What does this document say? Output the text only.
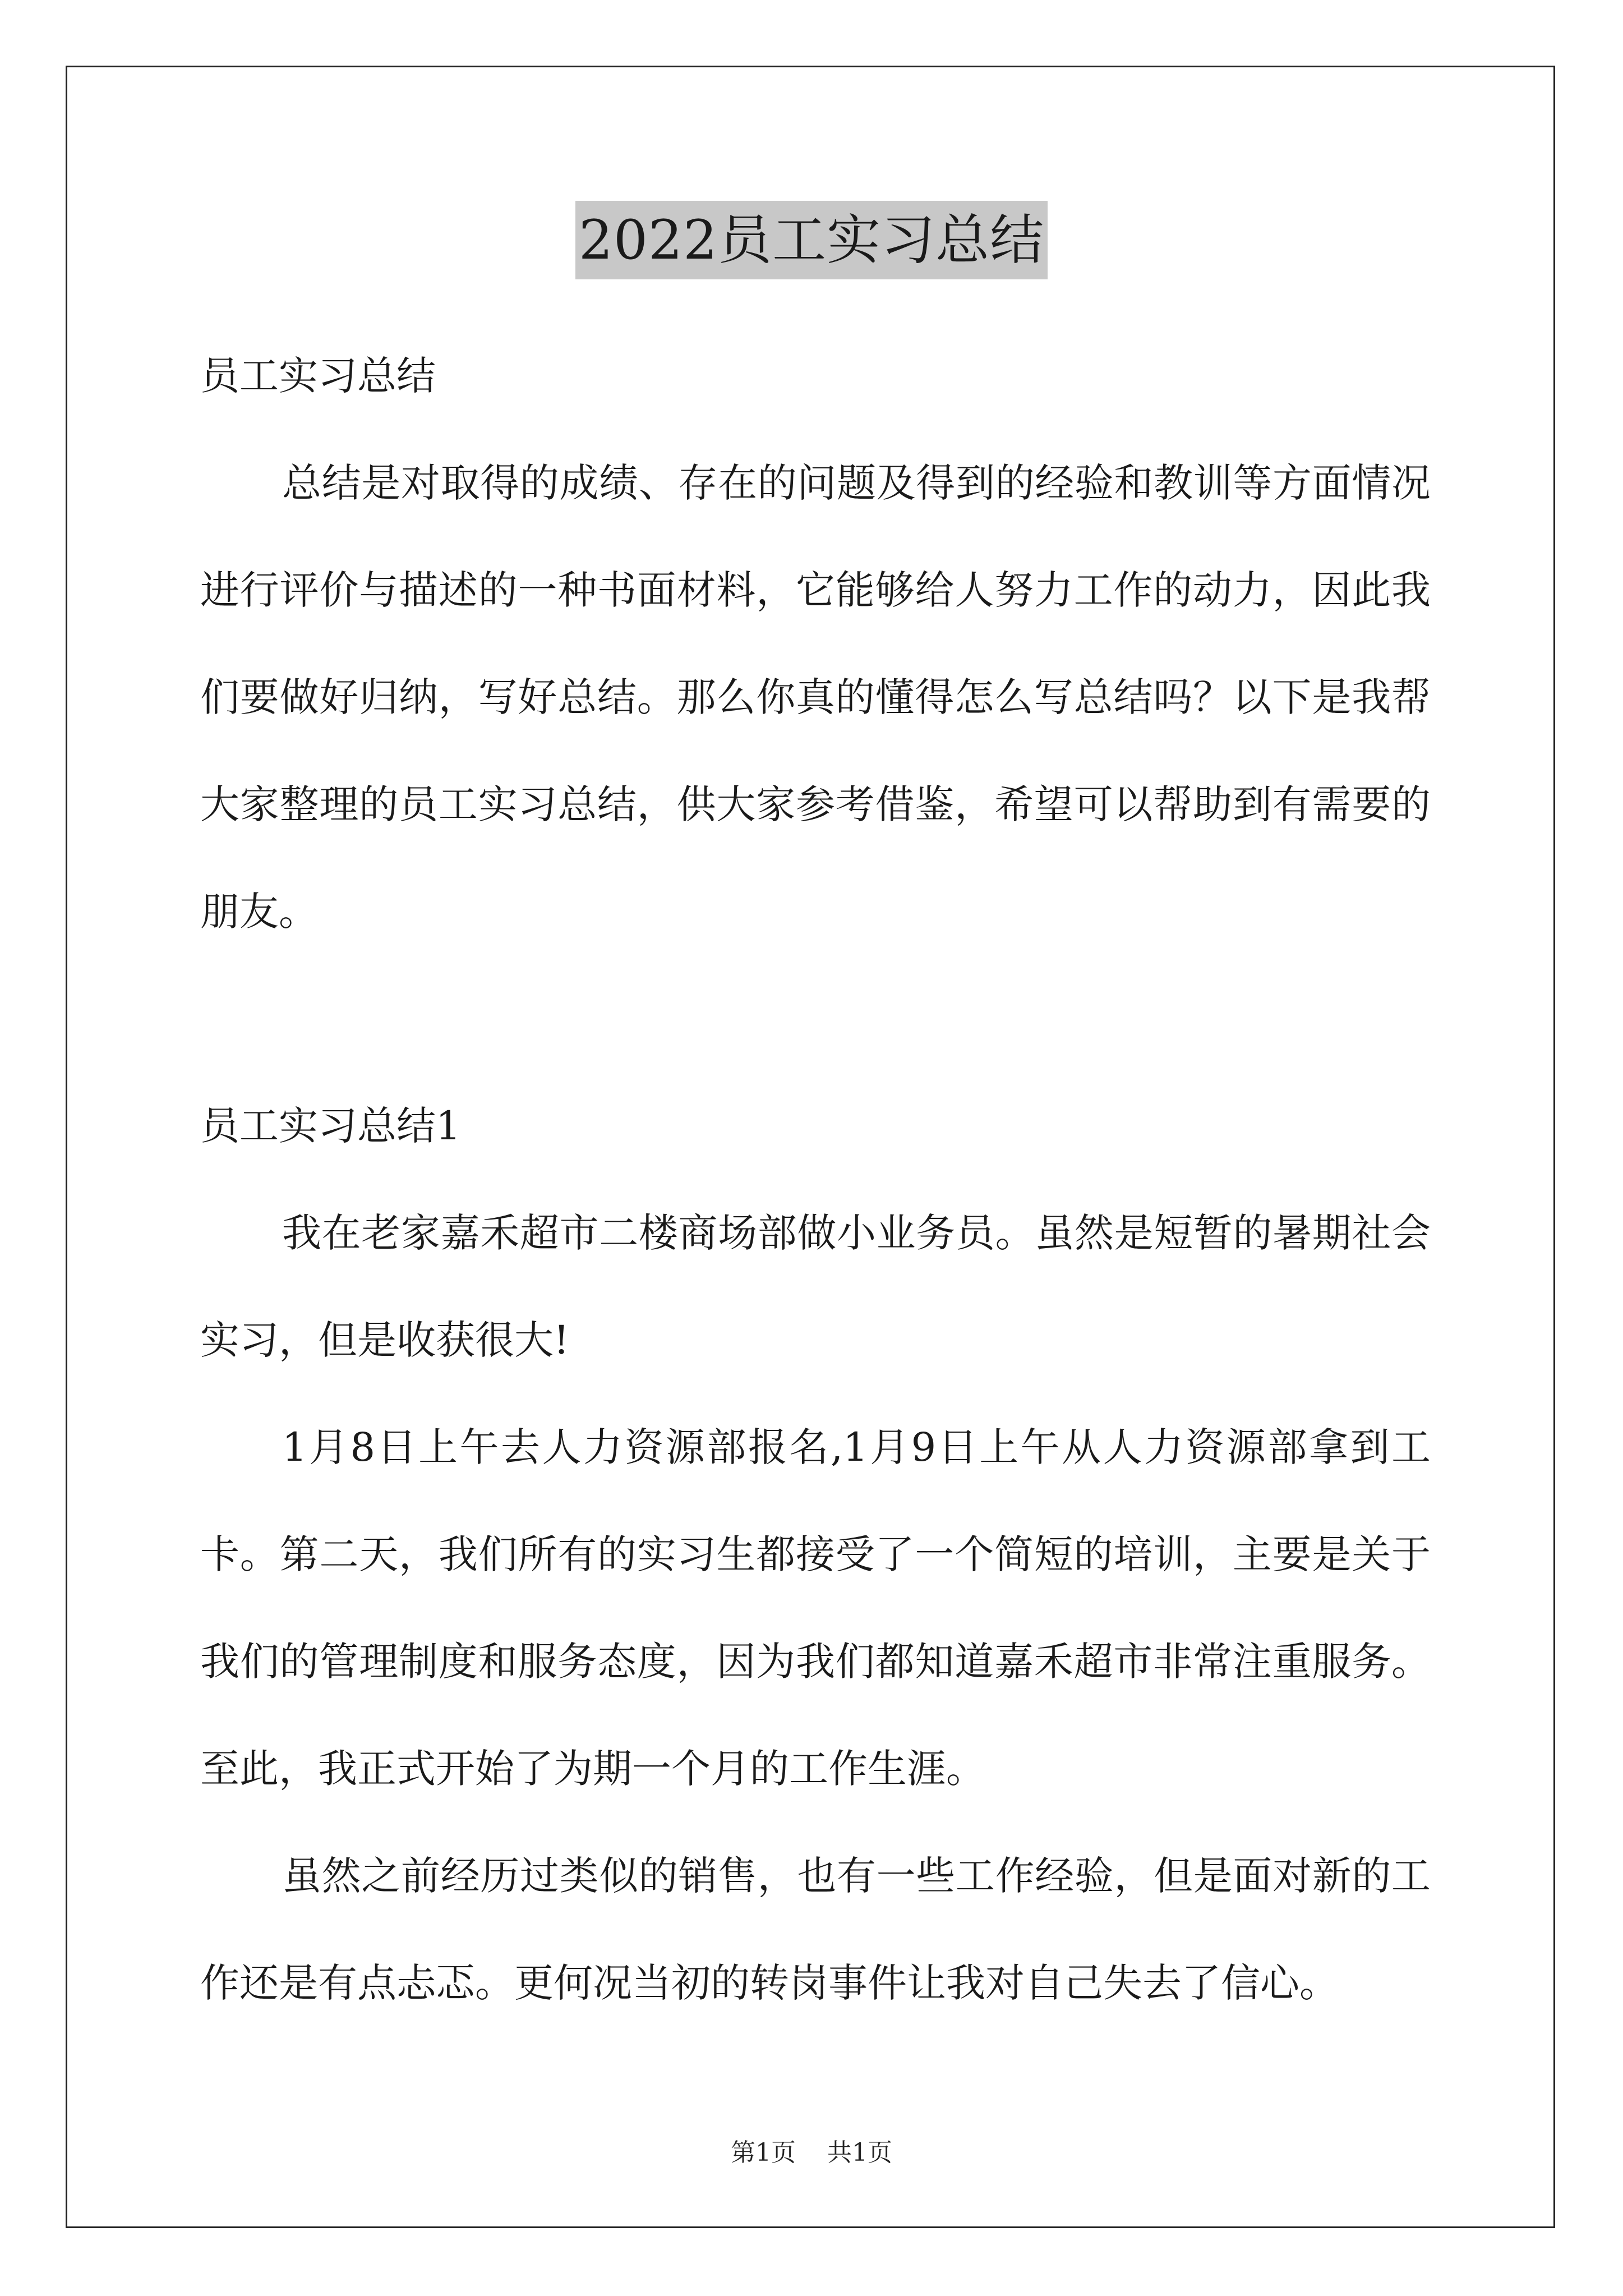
2022员工实习总结

员工实习总结

总结是对取得的成绩、存在的问题及得到的经验和教训等方面情况进行评价与描述的一种书面材料，它能够给人努力工作的动力，因此我们要做好归纳，写好总结。那么你真的懂得怎么写总结吗？以下是我帮大家整理的员工实习总结，供大家参考借鉴，希望可以帮助到有需要的朋友。

员工实习总结1

我在老家嘉禾超市二楼商场部做小业务员。虽然是短暂的暑期社会实习，但是收获很大!

1月8日上午去人力资源部报名,1月9日上午从人力资源部拿到工卡。第二天，我们所有的实习生都接受了一个简短的培训，主要是关于我们的管理制度和服务态度，因为我们都知道嘉禾超市非常注重服务。至此，我正式开始了为期一个月的工作生涯。

虽然之前经历过类似的销售，也有一些工作经验，但是面对新的工作还是有点忐忑。更何况当初的转岗事件让我对自己失去了信心。

第1页 共1页
